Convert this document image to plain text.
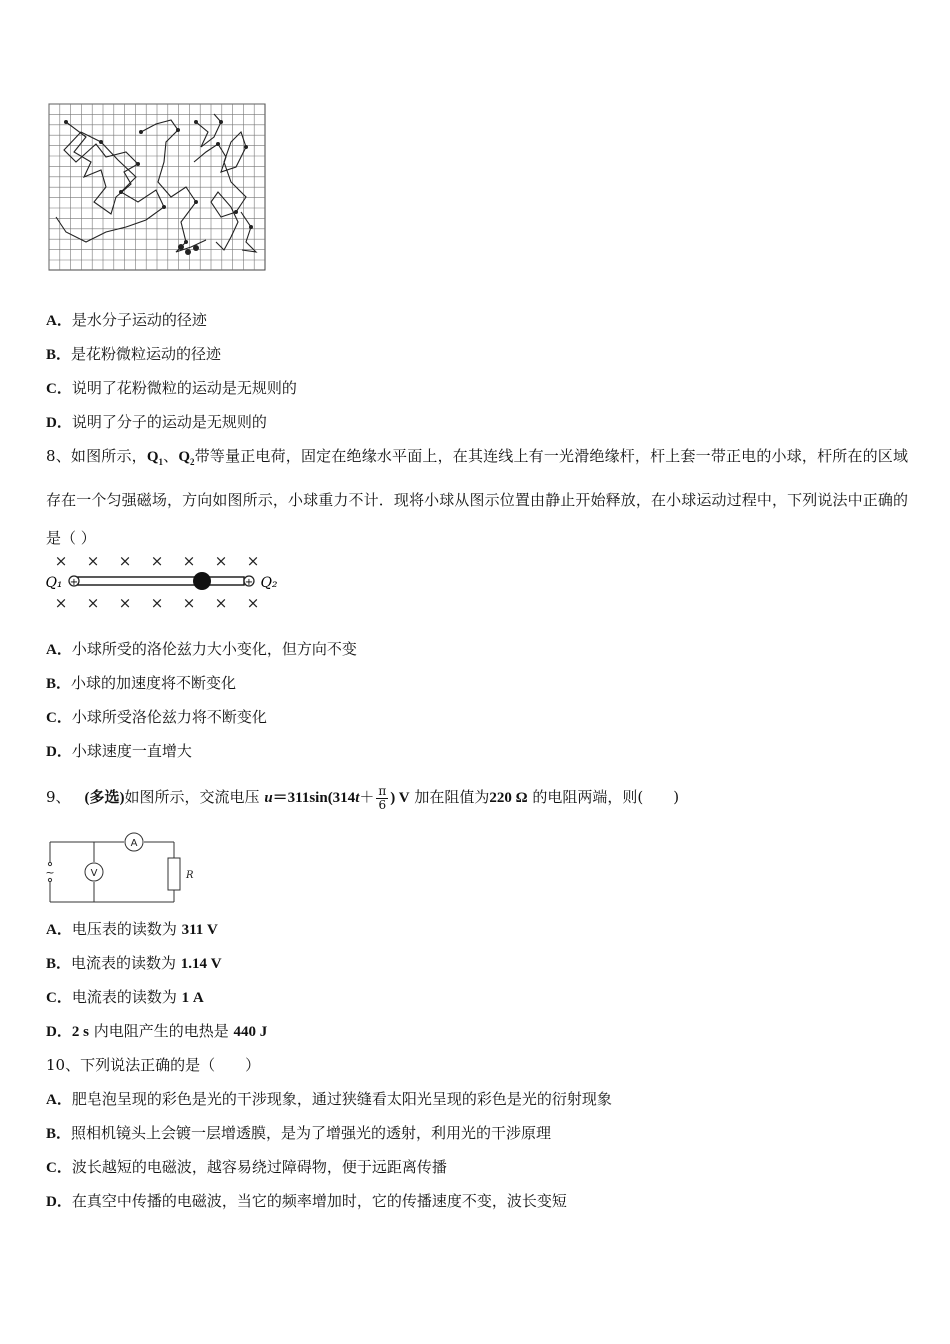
A．是水分子运动的径迹
B．是花粉微粒运动的径迹
C．说明了花粉微粒的运动是无规则的
D．说明了分子的运动是无规则的
8、如图所示，$Q_1$、$Q_2$带等量正电荷，固定在绝缘水平面上，在其连线上有一光滑绝缘杆，杆上套一带正电的小球，杆所在的区域存在一个匀强磁场，方向如图所示，小球重力不计．现将小球从图示位置由静止开始释放，在小球运动过程中，下列说法中正确的是（ ）
× × × × × × ×
× × × × × × ×
+	+
Q₁	Q₂
A．小球所受的洛伦兹力大小变化，但方向不变
B．小球的加速度将不断变化
C．小球所受洛伦兹力将不断变化
D．小球速度一直增大
9、 (多选)如图所示，交流电压 $u=311\sin(314t+ \frac{\pi}{6}$ ) V 加在阻值为220 Ω 的电阻两端，则(　　)
A
V
~	R
A．电压表的读数为 311 V
B．电流表的读数为 1.14 V
C．电流表的读数为 1 A
D．2 s 内电阻产生的电热是 440 J
10、下列说法正确的是（　　）
A．肥皂泡呈现的彩色是光的干涉现象，通过狭缝看太阳光呈现的彩色是光的衍射现象
B．照相机镜头上会镀一层增透膜，是为了增强光的透射，利用光的干涉原理
C．波长越短的电磁波，越容易绕过障碍物，便于远距离传播
D．在真空中传播的电磁波，当它的频率增加时，它的传播速度不变，波长变短
